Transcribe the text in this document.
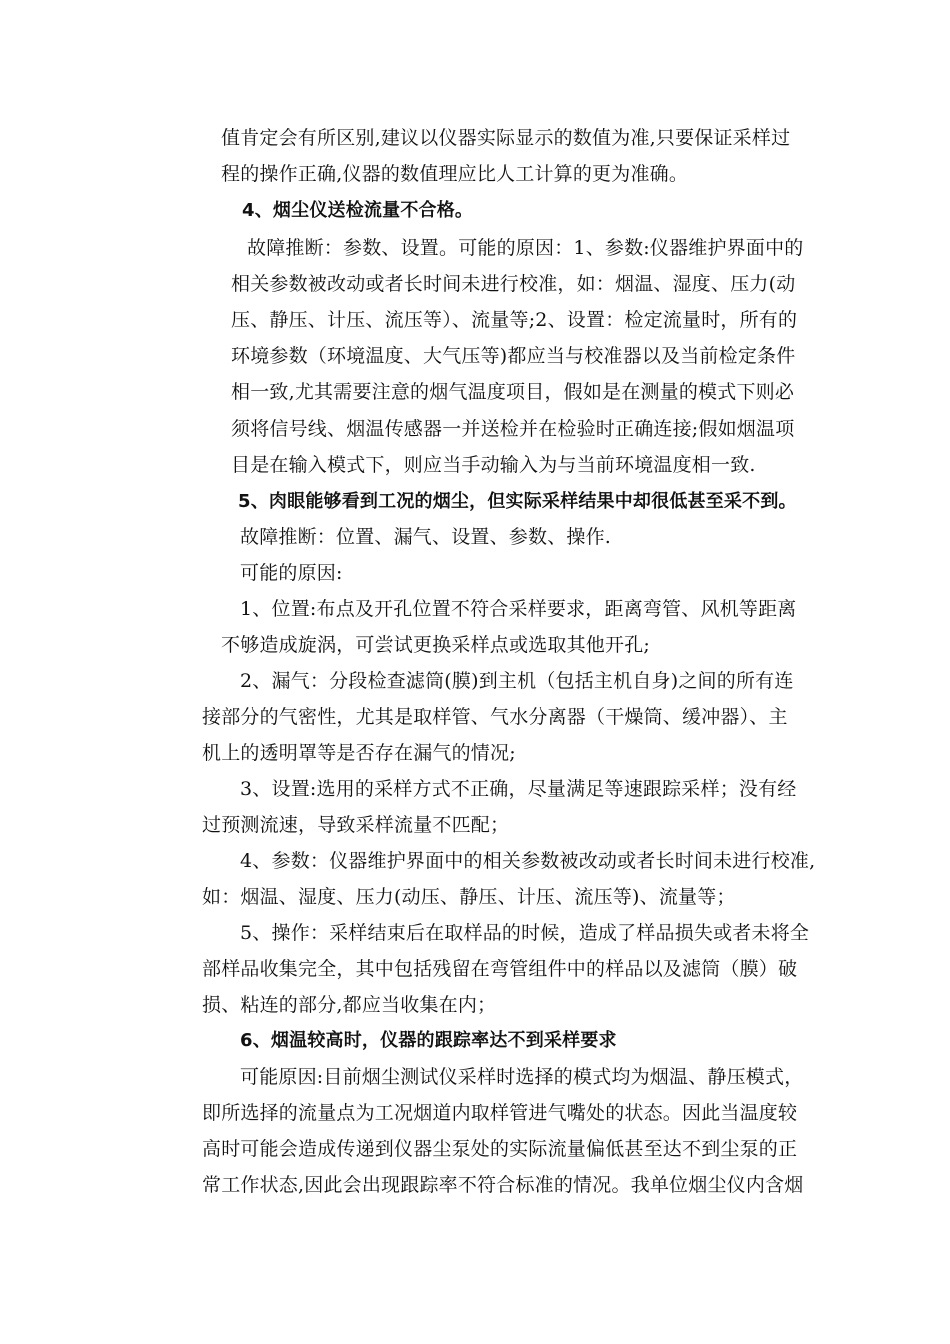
值肯定会有所区别,建议以仪器实际显示的数值为准,只要保证采样过
程的操作正确,仪器的数值理应比人工计算的更为准确。
4、烟尘仪送检流量不合格。
故障推断：参数、设置。可能的原因：1、参数:仪器维护界面中的
相关参数被改动或者长时间未进行校准，如：烟温、湿度、压力(动
压、静压、计压、流压等）、流量等;2、设置：检定流量时，所有的
环境参数（环境温度、大气压等)都应当与校准器以及当前检定条件
相一致,尤其需要注意的烟气温度项目，假如是在测量的模式下则必
须将信号线、烟温传感器一并送检并在检验时正确连接;假如烟温项
目是在输入模式下，则应当手动输入为与当前环境温度相一致.
5、肉眼能够看到工况的烟尘，但实际采样结果中却很低甚至采不到。
故障推断：位置、漏气、设置、参数、操作.
可能的原因:
1、位置:布点及开孔位置不符合采样要求，距离弯管、风机等距离
不够造成旋涡，可尝试更换采样点或选取其他开孔;
2、漏气：分段检查滤筒(膜)到主机（包括主机自身)之间的所有连
接部分的气密性，尤其是取样管、气水分离器（干燥筒、缓冲器）、主
机上的透明罩等是否存在漏气的情况;
3、设置:选用的采样方式不正确，尽量满足等速跟踪采样；没有经
过预测流速，导致采样流量不匹配；
4、参数：仪器维护界面中的相关参数被改动或者长时间未进行校准,
如：烟温、湿度、压力(动压、静压、计压、流压等)、流量等；
5、操作：采样结束后在取样品的时候，造成了样品损失或者未将全
部样品收集完全，其中包括残留在弯管组件中的样品以及滤筒（膜）破
损、粘连的部分,都应当收集在内；
6、烟温较高时，仪器的跟踪率达不到采样要求
可能原因:目前烟尘测试仪采样时选择的模式均为烟温、静压模式，
即所选择的流量点为工况烟道内取样管进气嘴处的状态。因此当温度较
高时可能会造成传递到仪器尘泵处的实际流量偏低甚至达不到尘泵的正
常工作状态,因此会出现跟踪率不符合标准的情况。我单位烟尘仪内含烟
